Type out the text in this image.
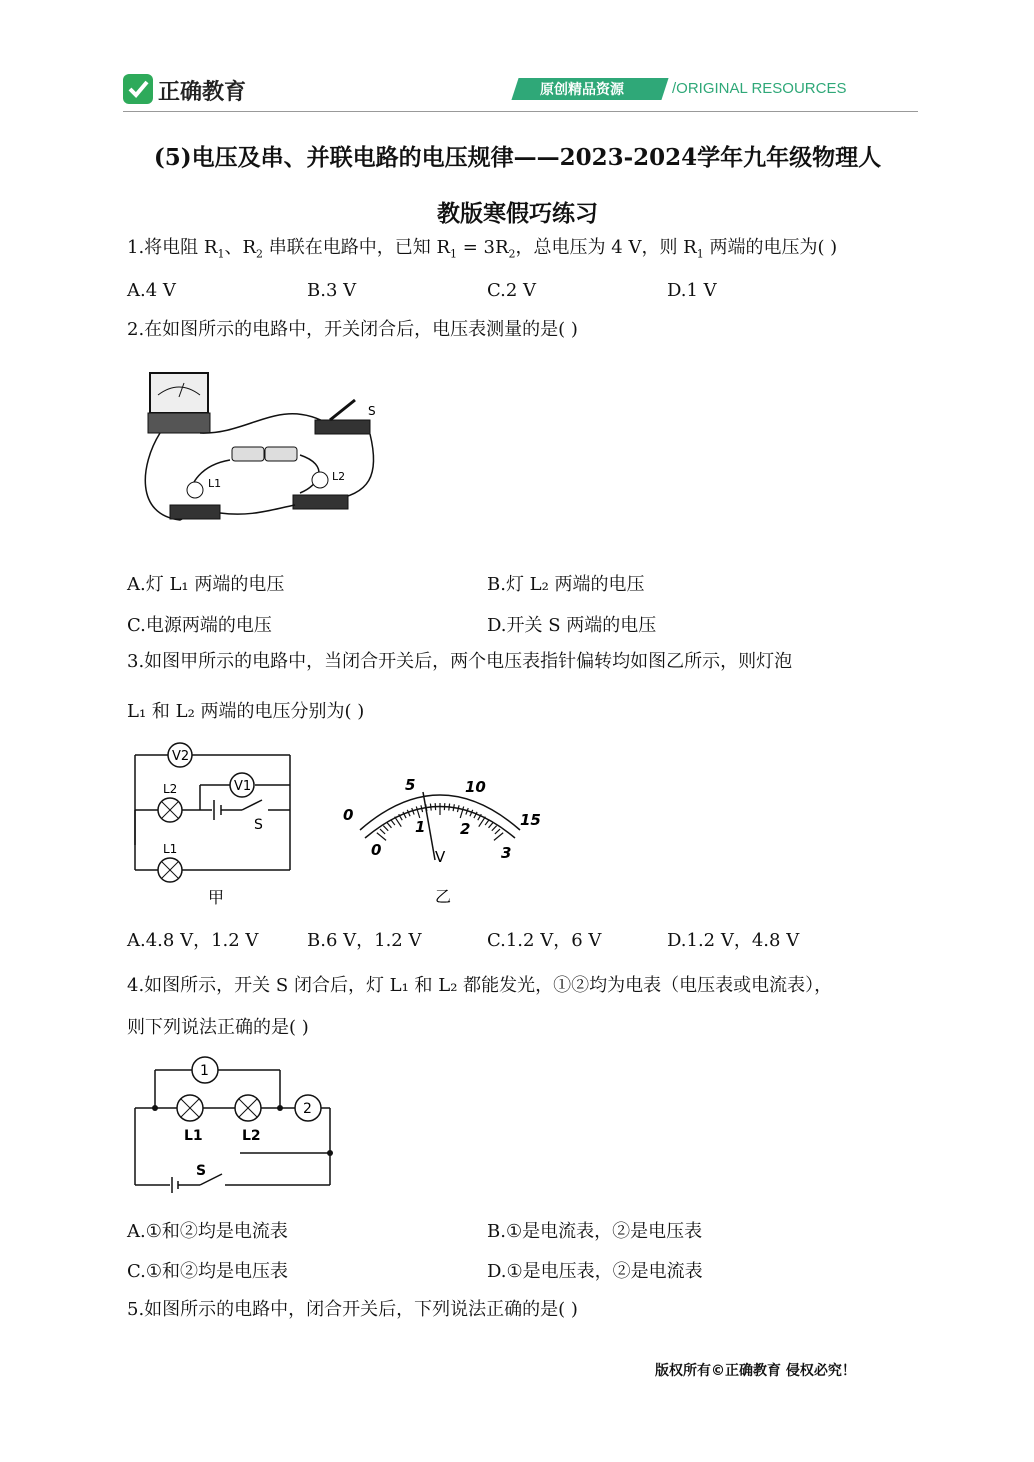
正确教育	原创精品资源	/ORIGINAL RESOURCES
(5)电压及串、并联电路的电压规律——2023-2024学年九年级物理人
教版寒假巧练习
1.将电阻 $R_1$、$R_2$ 串联在电路中，已知 $R_1 = 3R_2$，总电压为 4 V，则 $R_1$ 两端的电压为( )
A.4 V	B.3 V	C.2 V	D.1 V
2.在如图所示的电路中，开关闭合后，电压表测量的是( )
S
L1
L2
A.灯 L₁ 两端的电压	B.灯 L₂ 两端的电压
C.电源两端的电压	D.开关 S 两端的电压
3.如图甲所示的电路中，当闭合开关后，两个电压表指针偏转均如图乙所示，则灯泡
L₁ 和 L₂ 两端的电压分别为( )
V2
V1
L2
L1
S
甲
0
5	10
15
0
1 2
3
V
乙
A.4.8 V，1.2 V	B.6 V，1.2 V	C.1.2 V，6 V	D.1.2 V，4.8 V
4.如图所示，开关 S 闭合后，灯 L₁ 和 L₂ 都能发光，①②均为电表（电压表或电流表），
则下列说法正确的是( )
1
2
L1	L2
S
A.①和②均是电流表	B.①是电流表，②是电压表
C.①和②均是电压表	D.①是电压表，②是电流表
5.如图所示的电路中，闭合开关后，下列说法正确的是( )
版权所有©正确教育 侵权必究！
